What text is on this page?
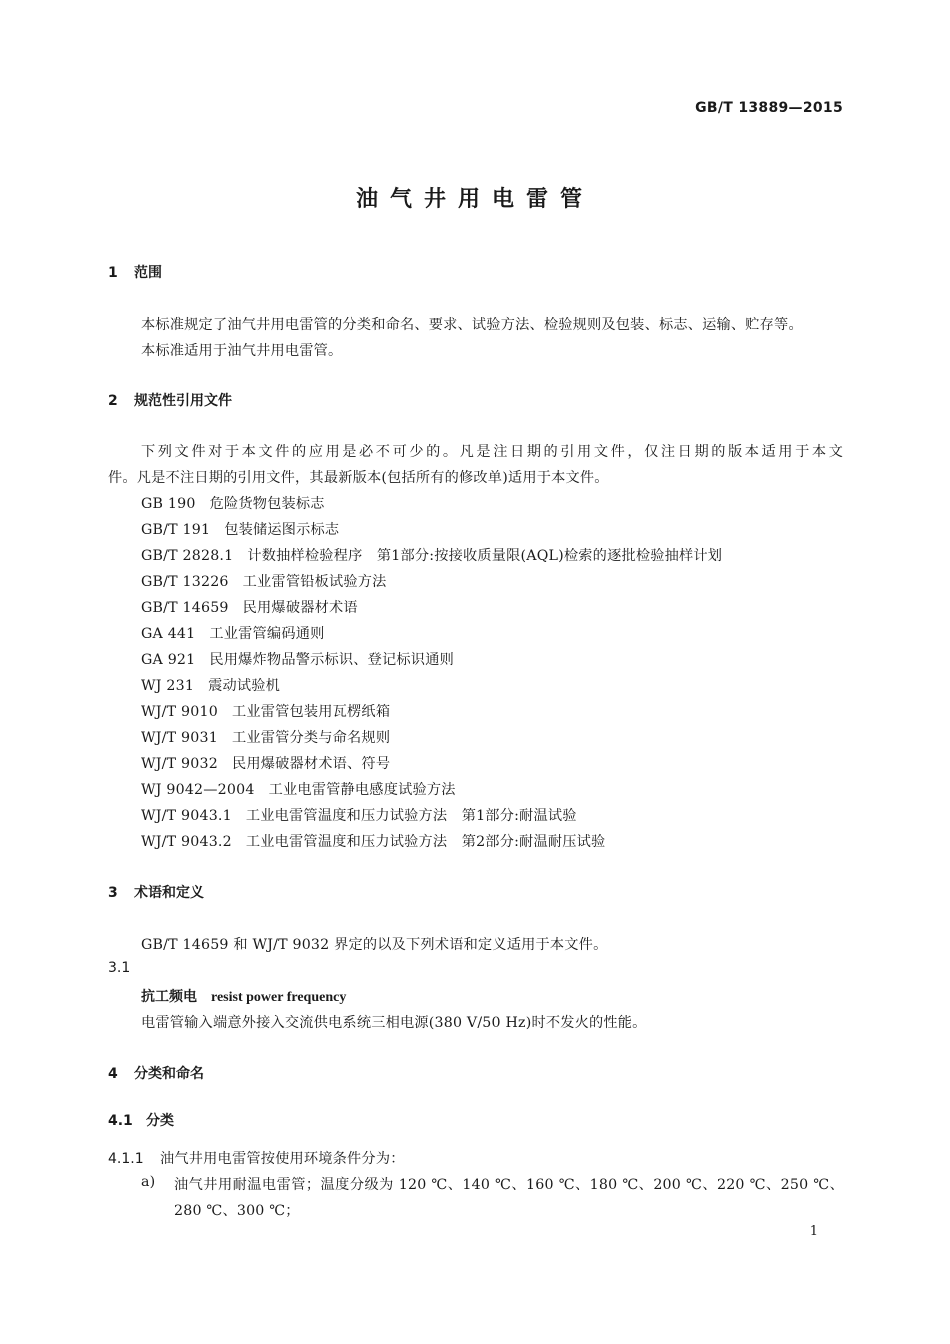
GB/T 13889—2015
油气井用电雷管
1 范围
本标准规定了油气井用电雷管的分类和命名、要求、试验方法、检验规则及包装、标志、运输、贮存等。
本标准适用于油气井用电雷管。
2 规范性引用文件
下列文件对于本文件的应用是必不可少的。凡是注日期的引用文件，仅注日期的版本适用于本文
件。凡是不注日期的引用文件，其最新版本(包括所有的修改单)适用于本文件。
GB 190 危险货物包装标志
GB/T 191 包装储运图示标志
GB/T 2828.1 计数抽样检验程序　第1部分:按接收质量限(AQL)检索的逐批检验抽样计划
GB/T 13226 工业雷管铅板试验方法
GB/T 14659 民用爆破器材术语
GA 441 工业雷管编码通则
GA 921 民用爆炸物品警示标识、登记标识通则
WJ 231 震动试验机
WJ/T 9010 工业雷管包装用瓦楞纸箱
WJ/T 9031 工业雷管分类与命名规则
WJ/T 9032 民用爆破器材术语、符号
WJ 9042—2004 工业电雷管静电感度试验方法
WJ/T 9043.1 工业电雷管温度和压力试验方法　第1部分:耐温试验
WJ/T 9043.2 工业电雷管温度和压力试验方法　第2部分:耐温耐压试验
3 术语和定义
GB/T 14659 和 WJ/T 9032 界定的以及下列术语和定义适用于本文件。
3.1
抗工频电 resist power frequency
电雷管输入端意外接入交流供电系统三相电源(380 V/50 Hz)时不发火的性能。
4 分类和命名
4.1 分类
4.1.1 油气井用电雷管按使用环境条件分为：
a) 油气井用耐温电雷管；温度分级为 120 ℃、140 ℃、160 ℃、180 ℃、200 ℃、220 ℃、250 ℃、
280 ℃、300 ℃；
1
